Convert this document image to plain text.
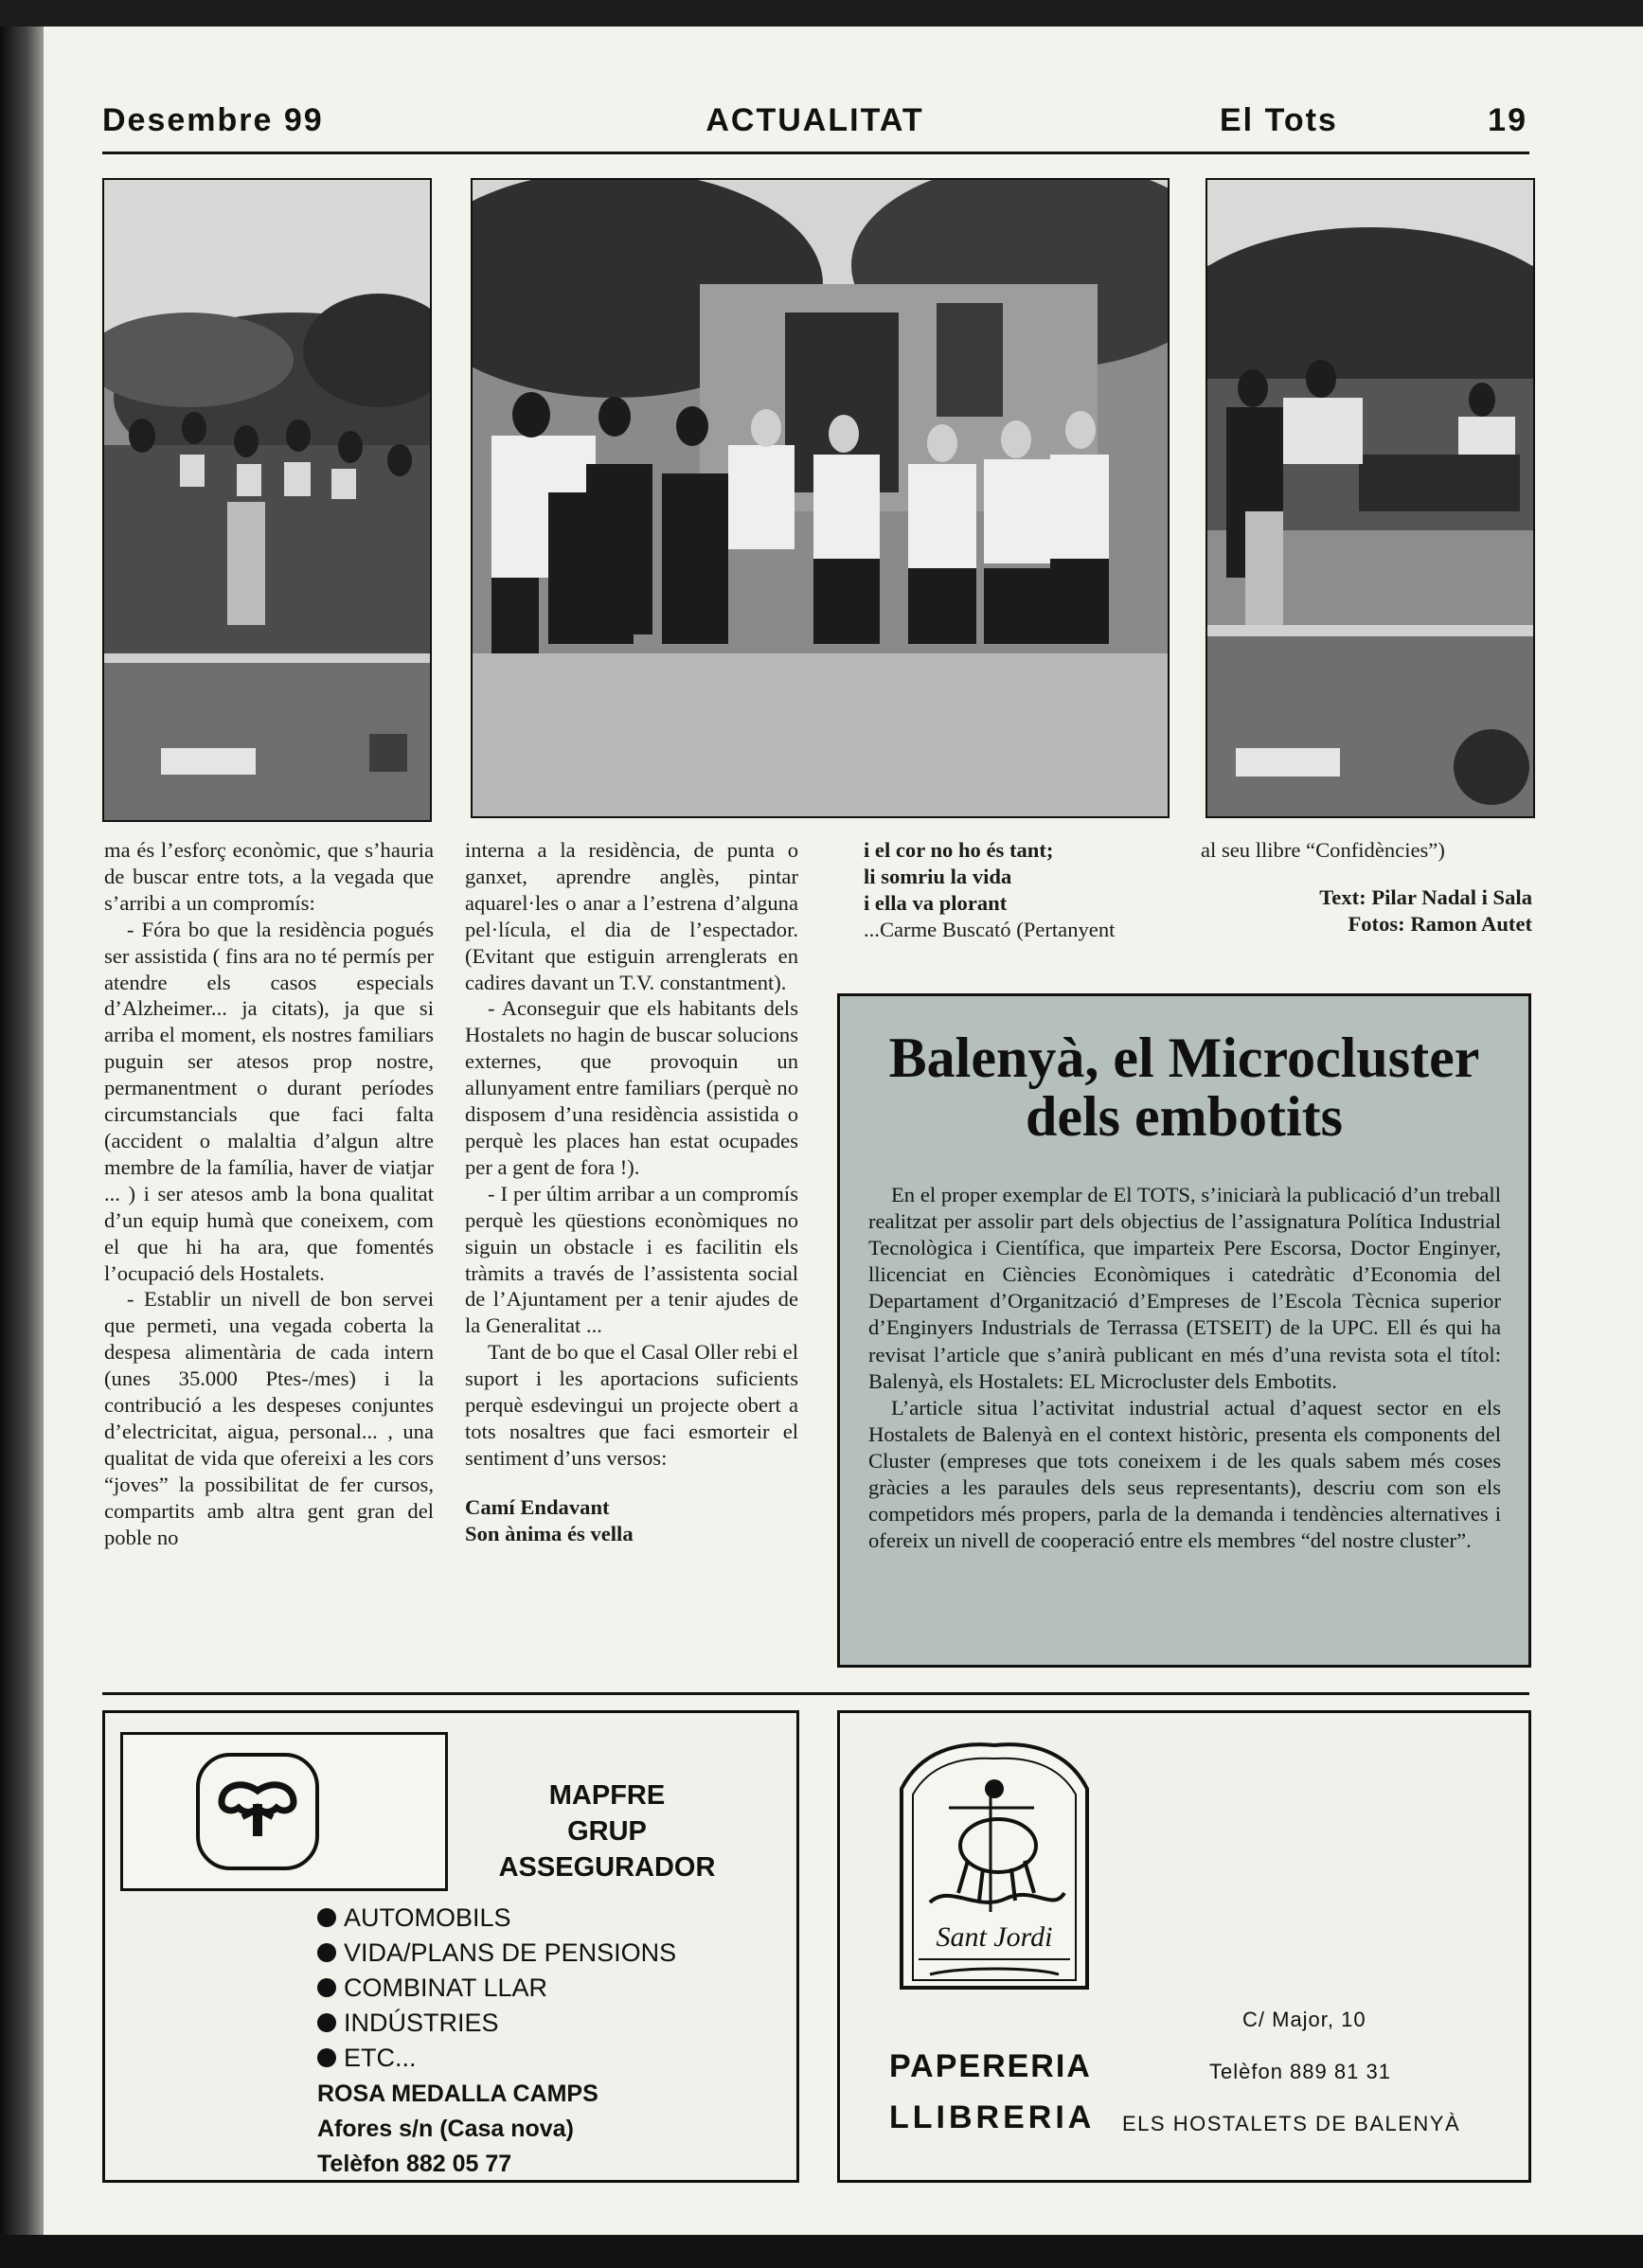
Desembre 99	ACTUALITAT	El Tots	19

ma és l’esforç econòmic, que s’hauria de buscar entre tots, a la vegada que s’arribi a un compromís:

- Fóra bo que la residència pogués ser assistida ( fins ara no té permís per atendre els casos especials d’Alzheimer... ja citats), ja que si arriba el moment, els nostres familiars puguin ser atesos prop nostre, permanentment o durant períodes circumstancials que faci falta (accident o malaltia d’algun altre membre de la família, haver de viatjar ... ) i ser atesos amb la bona qualitat d’un equip humà que coneixem, com el que hi ha ara, que fomentés l’ocupació dels Hostalets.

- Establir un nivell de bon servei que permeti, una vegada coberta la despesa alimentària de cada intern (unes 35.000 Ptes-/mes) i la contribució a les despeses conjuntes d’electricitat, aigua, personal... , una qualitat de vida que ofereixi a les cors “joves” la possibilitat de fer cursos, compartits amb altra gent gran del poble no

interna a la residència, de punta o ganxet, aprendre anglès, pintar aquarel·les o anar a l’estrena d’alguna pel·lícula, el dia de l’espectador. (Evitant que estiguin arrenglerats en cadires davant un T.V. constantment).

- Aconseguir que els habitants dels Hostalets no hagin de buscar solucions externes, que provoquin un allunyament entre familiars (perquè no disposem d’una residència assistida o perquè les places han estat ocupades per a gent de fora !).

- I per últim arribar a un compromís perquè les qüestions econòmiques no siguin un obstacle i es facilitin els tràmits a través de l’assistenta social de l’Ajuntament per a tenir ajudes de la Generalitat ...

Tant de bo que el Casal Oller rebi el suport i les aportacions suficients perquè esdevingui un projecte obert a tots nosaltres que faci esmorteir el sentiment d’uns versos:

Camí Endavant

Son ànima és vella

i el cor no ho és tant;

li somriu la vida

i ella va plorant

...Carme Buscató (Pertanyent

al seu llibre “Confidències”)

Text: Pilar Nadal i Sala

Fotos: Ramon Autet

Balenyà, el Microcluster dels embotits

En el proper exemplar de El TOTS, s’iniciarà la publicació d’un treball realitzat per assolir part dels objectius de l’assignatura Política Industrial Tecnològica i Científica, que imparteix Pere Escorsa, Doctor Enginyer, llicenciat en Ciències Econòmiques i catedràtic d’Economia del Departament d’Organització d’Empreses de l’Escola Tècnica superior d’Enginyers Industrials de Terrassa (ETSEIT) de la UPC. Ell és qui ha revisat l’article que s’anirà publicant en més d’una revista sota el títol: Balenyà, els Hostalets: EL Microcluster dels Embotits.

L’article situa l’activitat industrial actual d’aquest sector en els Hostalets de Balenyà en el context històric, presenta els components del Cluster (empreses que tots coneixem i de les quals sabem més coses gràcies a les paraules dels seus representants), descriu com son els competidors més propers, parla de la demanda i tendències alternatives i ofereix un nivell de cooperació entre els membres “del nostre cluster”.

MAPFRE
GRUP
ASSEGURADOR
AUTOMOBILS
VIDA/PLANS DE PENSIONS
COMBINAT LLAR
INDÚSTRIES
ETC...
ROSA MEDALLA CAMPS
Afores s/n (Casa nova)
Telèfon 882 05 77
Sant Jordi
PAPERERIA
LLIBRERIA
C/ Major, 10
Telèfon 889 81 31
ELS HOSTALETS DE BALENYÀ
